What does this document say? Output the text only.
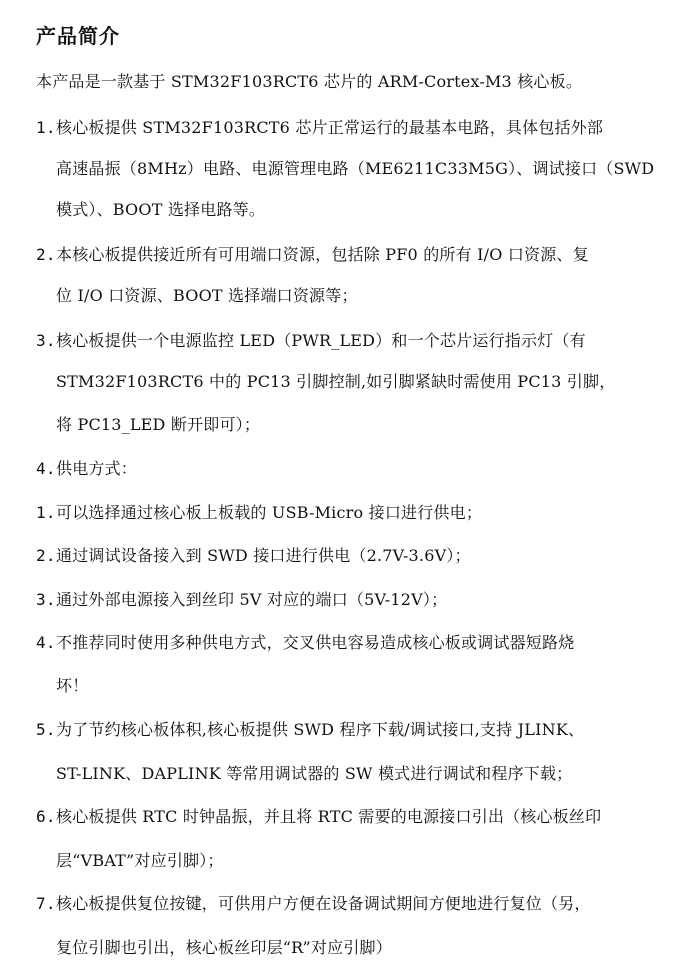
产品简介
本产品是一款基于 STM32F103RCT6 芯片的 ARM-Cortex-M3 核心板。
1.核心板提供 STM32F103RCT6 芯片正常运行的最基本电路，具体包括外部
高速晶振（8MHz）电路、电源管理电路（ME6211C33M5G）、调试接口（SWD
模式）、BOOT 选择电路等。
2.本核心板提供接近所有可用端口资源，包括除 PF0 的所有 I/O 口资源、复
位 I/O 口资源、BOOT 选择端口资源等；
3.核心板提供一个电源监控 LED（PWR_LED）和一个芯片运行指示灯（有
STM32F103RCT6 中的 PC13 引脚控制,如引脚紧缺时需使用 PC13 引脚，
将 PC13_LED 断开即可）；
4.供电方式：
1.可以选择通过核心板上板载的 USB-Micro 接口进行供电；
2.通过调试设备接入到 SWD 接口进行供电（2.7V-3.6V）；
3.通过外部电源接入到丝印 5V 对应的端口（5V-12V）；
4.不推荐同时使用多种供电方式，交叉供电容易造成核心板或调试器短路烧
坏！
5.为了节约核心板体积,核心板提供 SWD 程序下载/调试接口,支持 JLINK、
ST-LINK、DAPLINK 等常用调试器的 SW 模式进行调试和程序下载；
6.核心板提供 RTC 时钟晶振，并且将 RTC 需要的电源接口引出（核心板丝印
层“VBAT”对应引脚）；
7.核心板提供复位按键，可供用户方便在设备调试期间方便地进行复位（另，
复位引脚也引出，核心板丝印层“R”对应引脚）
